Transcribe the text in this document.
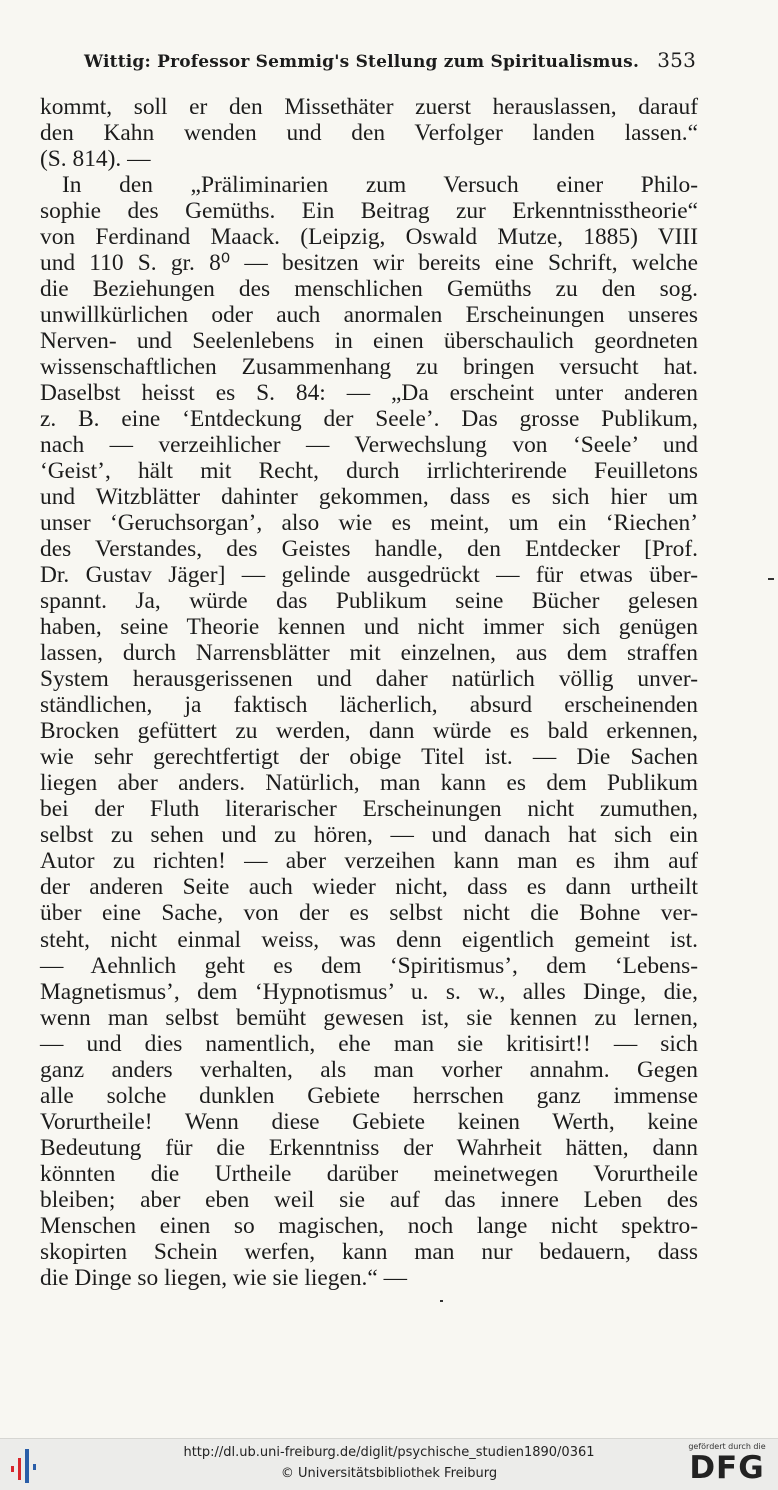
Wittig: Professor Semmig's Stellung zum Spiritualismus. 353
kommt, soll er den Missethäter zuerst herauslassen, darauf
den Kahn wenden und den Verfolger landen lassen.“
(S. 814). —
In den „Präliminarien zum Versuch einer Philo-
sophie des Gemüths. Ein Beitrag zur Erkenntnisstheorie“
von Ferdinand Maack. (Leipzig, Oswald Mutze, 1885) VIII
und 110 S. gr. 8⁰ — besitzen wir bereits eine Schrift, welche
die Beziehungen des menschlichen Gemüths zu den sog.
unwillkürlichen oder auch anormalen Erscheinungen unseres
Nerven- und Seelenlebens in einen überschaulich geordneten
wissenschaftlichen Zusammenhang zu bringen versucht hat.
Daselbst heisst es S. 84: — „Da erscheint unter anderen
z. B. eine ‘Entdeckung der Seele’. Das grosse Publikum,
nach — verzeihlicher — Verwechslung von ‘Seele’ und
‘Geist’, hält mit Recht, durch irrlichterirende Feuilletons
und Witzblätter dahinter gekommen, dass es sich hier um
unser ‘Geruchsorgan’, also wie es meint, um ein ‘Riechen’
des Verstandes, des Geistes handle, den Entdecker [Prof.
Dr. Gustav Jäger] — gelinde ausgedrückt — für etwas über-
spannt. Ja, würde das Publikum seine Bücher gelesen
haben, seine Theorie kennen und nicht immer sich genügen
lassen, durch Narrensblätter mit einzelnen, aus dem straffen
System herausgerissenen und daher natürlich völlig unver-
ständlichen, ja faktisch lächerlich, absurd erscheinenden
Brocken gefüttert zu werden, dann würde es bald erkennen,
wie sehr gerechtfertigt der obige Titel ist. — Die Sachen
liegen aber anders. Natürlich, man kann es dem Publikum
bei der Fluth literarischer Erscheinungen nicht zumuthen,
selbst zu sehen und zu hören, — und danach hat sich ein
Autor zu richten! — aber verzeihen kann man es ihm auf
der anderen Seite auch wieder nicht, dass es dann urtheilt
über eine Sache, von der es selbst nicht die Bohne ver-
steht, nicht einmal weiss, was denn eigentlich gemeint ist.
— Aehnlich geht es dem ‘Spiritismus’, dem ‘Lebens-
Magnetismus’, dem ‘Hypnotismus’ u. s. w., alles Dinge, die,
wenn man selbst bemüht gewesen ist, sie kennen zu lernen,
— und dies namentlich, ehe man sie kritisirt!! — sich
ganz anders verhalten, als man vorher annahm. Gegen
alle solche dunklen Gebiete herrschen ganz immense
Vorurtheile! Wenn diese Gebiete keinen Werth, keine
Bedeutung für die Erkenntniss der Wahrheit hätten, dann
könnten die Urtheile darüber meinetwegen Vorurtheile
bleiben; aber eben weil sie auf das innere Leben des
Menschen einen so magischen, noch lange nicht spektro-
skopirten Schein werfen, kann man nur bedauern, dass
die Dinge so liegen, wie sie liegen.“ —
http://dl.ub.uni-freiburg.de/diglit/psychische_studien1890/0361
© Universitätsbibliothek Freiburg
gefördert durch die
DFG
